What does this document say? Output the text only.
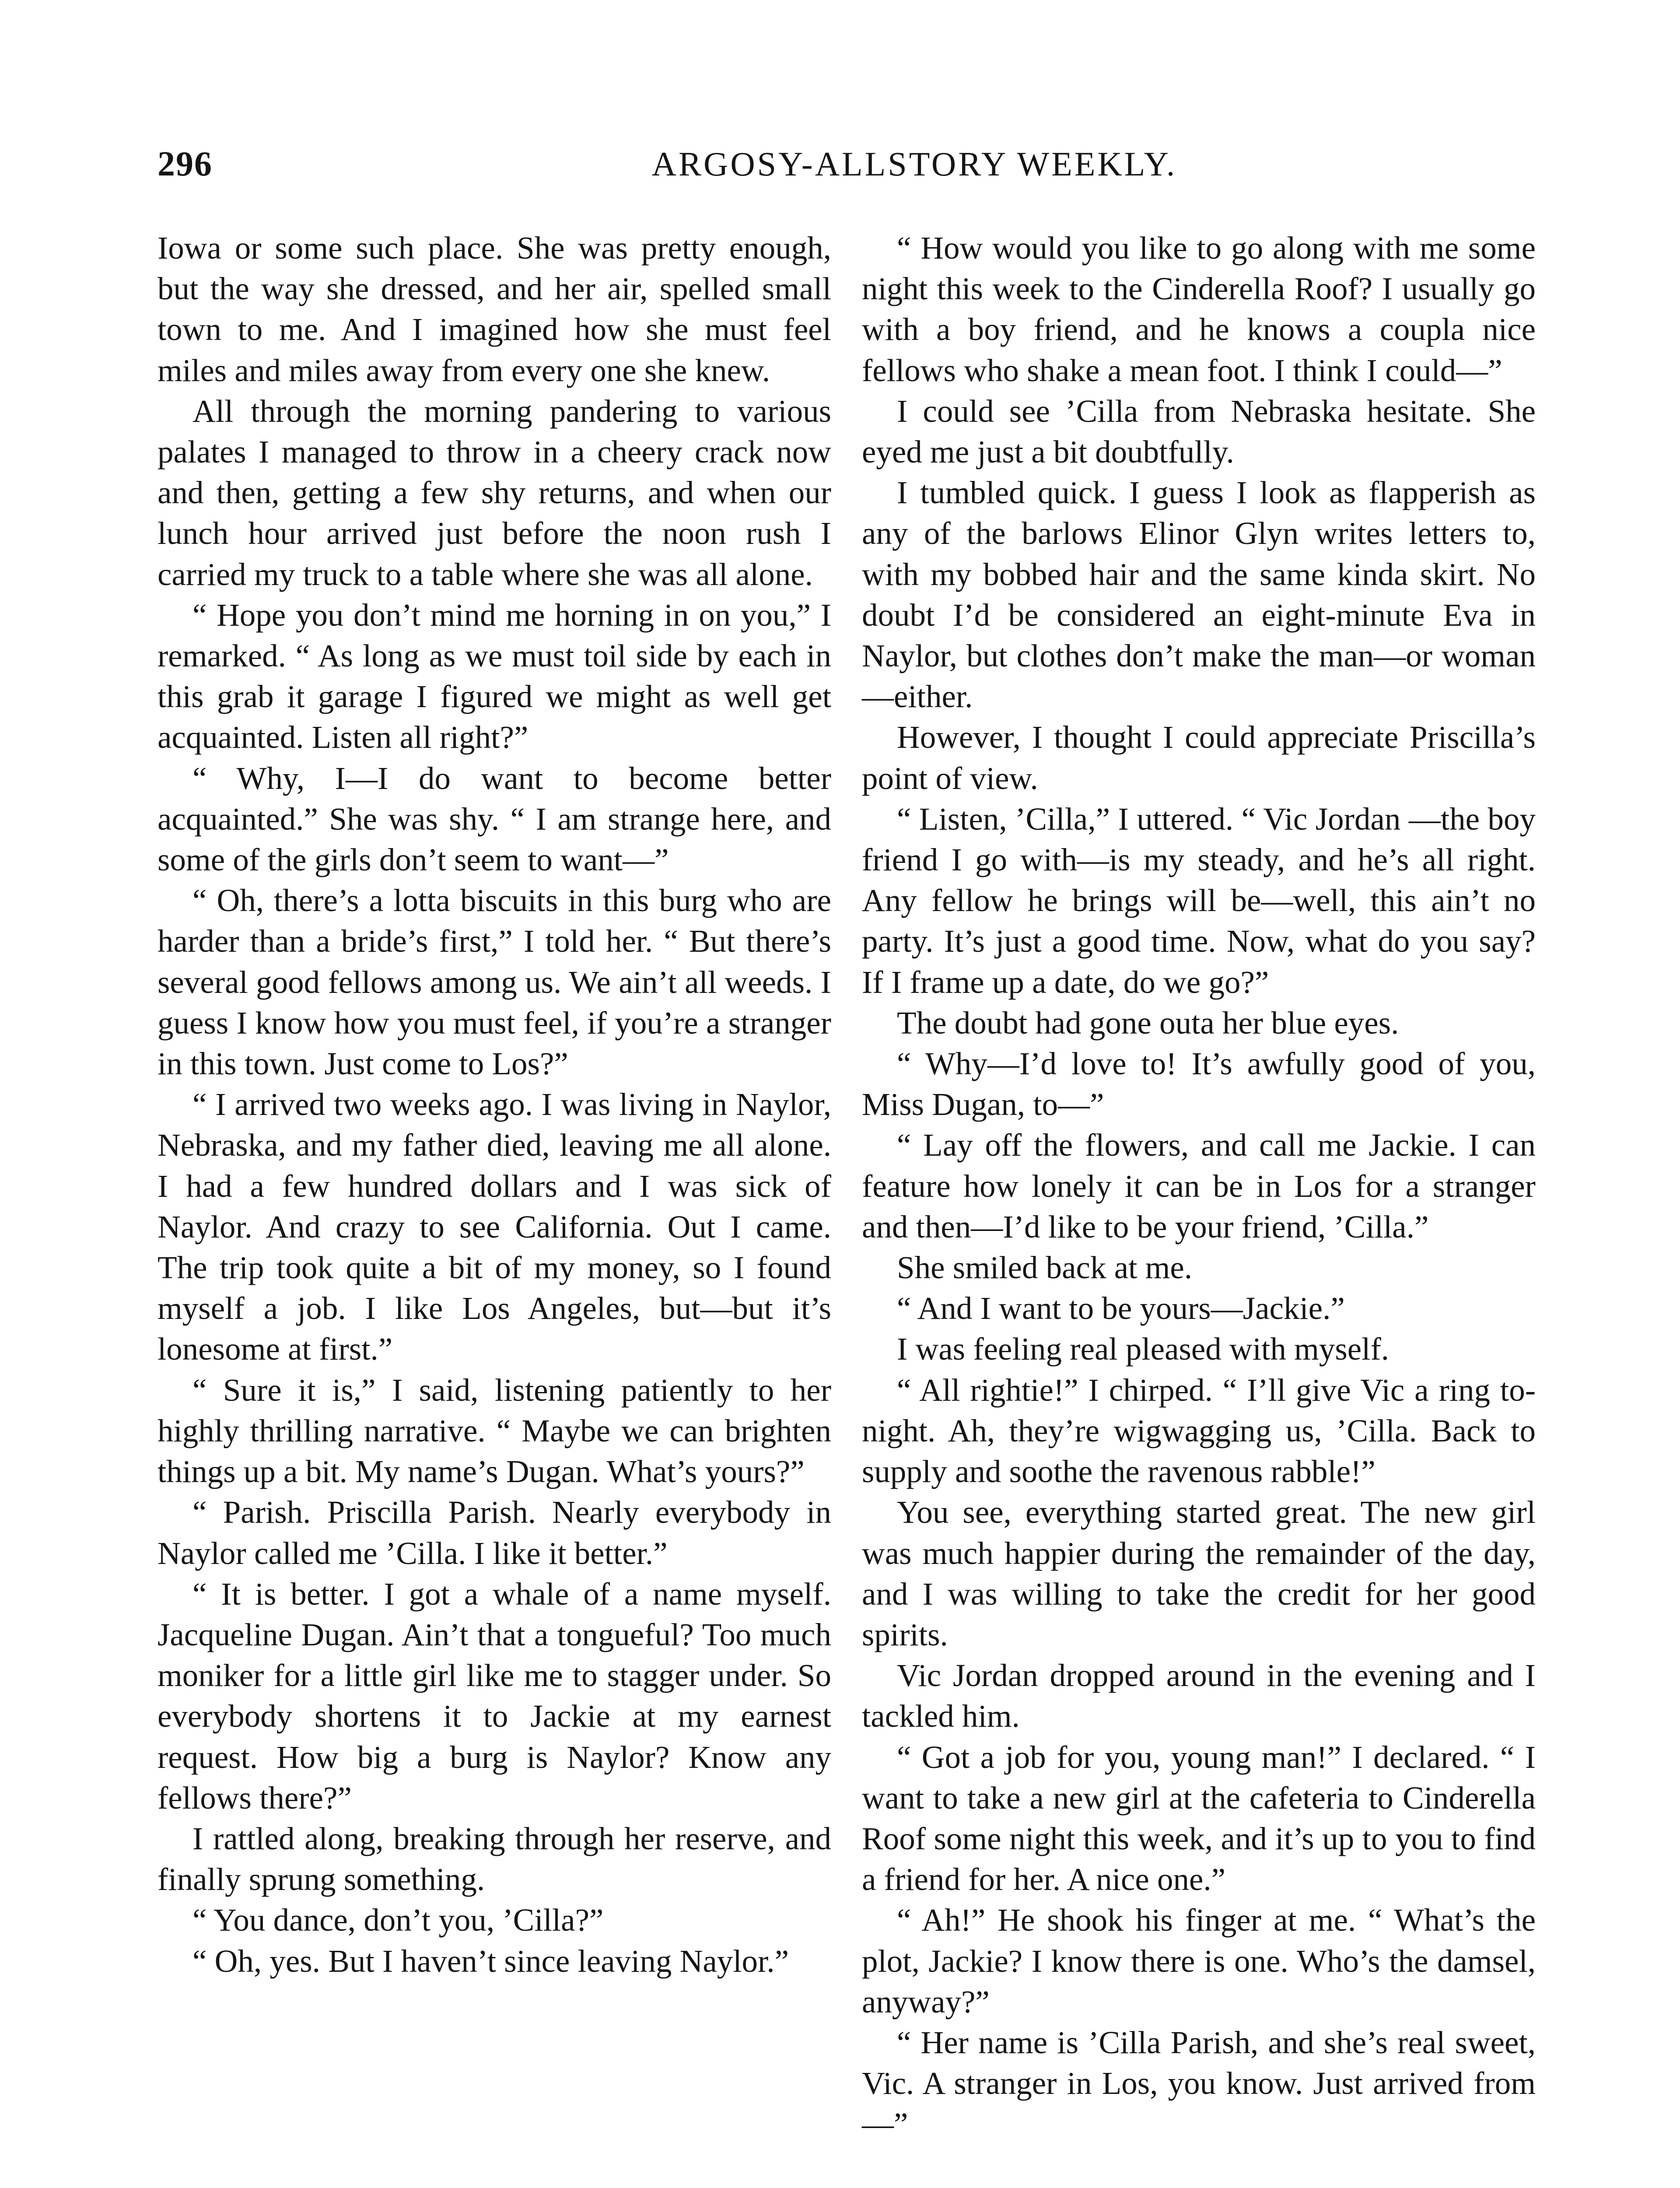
296	ARGOSY-ALLSTORY WEEKLY.

Iowa or some such place. She was pretty enough, but the way she dressed, and her air, spelled small town to me. And I imagined how she must feel miles and miles away from every one she knew.

All through the morning pandering to various palates I managed to throw in a cheery crack now and then, getting a few shy returns, and when our lunch hour arrived just before the noon rush I carried my truck to a table where she was all alone.

“ Hope you don’t mind me horning in on you,” I remarked. “ As long as we must toil side by each in this grab it garage I figured we might as well get acquainted. Listen all right?”

“ Why, I—I do want to become better acquainted.” She was shy. “ I am strange here, and some of the girls don’t seem to want—”

“ Oh, there’s a lotta biscuits in this burg who are harder than a bride’s first,” I told her. “ But there’s several good fellows among us. We ain’t all weeds. I guess I know how you must feel, if you’re a stranger in this town. Just come to Los?”

“ I arrived two weeks ago. I was living in Naylor, Nebraska, and my father died, leaving me all alone. I had a few hundred dollars and I was sick of Naylor. And crazy to see California. Out I came. The trip took quite a bit of my money, so I found myself a job. I like Los Angeles, but—but it’s lonesome at first.”

“ Sure it is,” I said, listening patiently to her highly thrilling narrative. “ Maybe we can brighten things up a bit. My name’s Dugan. What’s yours?”

“ Parish. Priscilla Parish. Nearly everybody in Naylor called me ’Cilla. I like it better.”

“ It is better. I got a whale of a name myself. Jacqueline Dugan. Ain’t that a tongueful? Too much moniker for a little girl like me to stagger under. So everybody shortens it to Jackie at my earnest request. How big a burg is Naylor? Know any fellows there?”

I rattled along, breaking through her reserve, and finally sprung something.

“ You dance, don’t you, ’Cilla?”

“ Oh, yes. But I haven’t since leaving Naylor.”

“ How would you like to go along with me some night this week to the Cinderella Roof? I usually go with a boy friend, and he knows a coupla nice fellows who shake a mean foot. I think I could—”

I could see ’Cilla from Nebraska hesitate. She eyed me just a bit doubtfully.

I tumbled quick. I guess I look as flapperish as any of the barlows Elinor Glyn writes letters to, with my bobbed hair and the same kinda skirt. No doubt I’d be considered an eight-minute Eva in Naylor, but clothes don’t make the man—or woman —either.

However, I thought I could appreciate Priscilla’s point of view.

“ Listen, ’Cilla,” I uttered. “ Vic Jordan —the boy friend I go with—is my steady, and he’s all right. Any fellow he brings will be—well, this ain’t no party. It’s just a good time. Now, what do you say? If I frame up a date, do we go?”

The doubt had gone outa her blue eyes.

“ Why—I’d love to! It’s awfully good of you, Miss Dugan, to—”

“ Lay off the flowers, and call me Jackie. I can feature how lonely it can be in Los for a stranger and then—I’d like to be your friend, ’Cilla.”

She smiled back at me.

“ And I want to be yours—Jackie.”

I was feeling real pleased with myself.

“ All rightie!” I chirped. “ I’ll give Vic a ring to-night. Ah, they’re wigwagging us, ’Cilla. Back to supply and soothe the ravenous rabble!”

You see, everything started great. The new girl was much happier during the remainder of the day, and I was willing to take the credit for her good spirits.

Vic Jordan dropped around in the evening and I tackled him.

“ Got a job for you, young man!” I declared. “ I want to take a new girl at the cafeteria to Cinderella Roof some night this week, and it’s up to you to find a friend for her. A nice one.”

“ Ah!” He shook his finger at me. “ What’s the plot, Jackie? I know there is one. Who’s the damsel, anyway?”

“ Her name is ’Cilla Parish, and she’s real sweet, Vic. A stranger in Los, you know. Just arrived from—”
